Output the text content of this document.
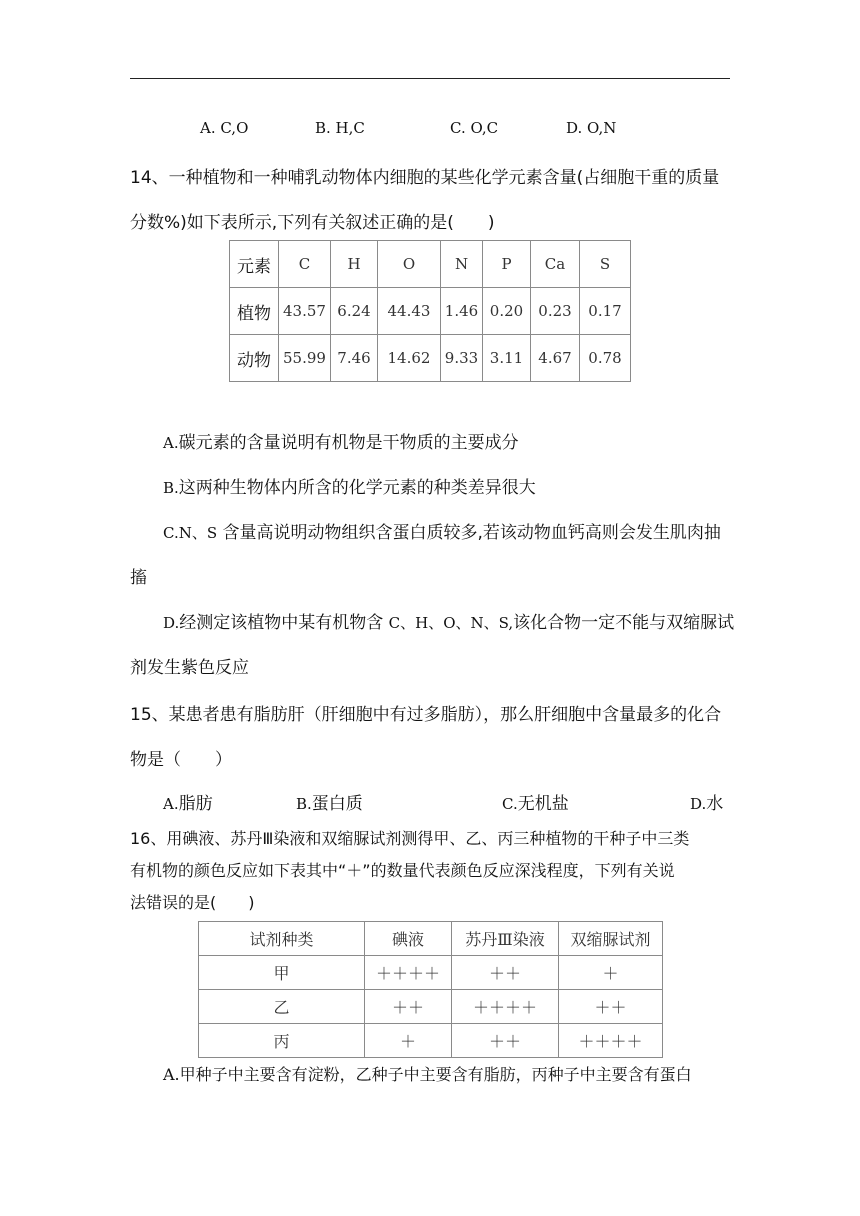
A. C,O	B. H,C	C. O,C	D. O,N
14、一种植物和一种哺乳动物体内细胞的某些化学元素含量(占细胞干重的质量
分数%)如下表所示,下列有关叙述正确的是(　　)
元素	C	H	O	N	P	Ca	S
植物	43.57	6.24	44.43	1.46	0.20	0.23	0.17
动物	55.99	7.46	14.62	9.33	3.11	4.67	0.78
A.碳元素的含量说明有机物是干物质的主要成分
B.这两种生物体内所含的化学元素的种类差异很大
C.N、S 含量高说明动物组织含蛋白质较多,若该动物血钙高则会发生肌肉抽
搐
D.经测定该植物中某有机物含 C、H、O、N、S,该化合物一定不能与双缩脲试
剂发生紫色反应
15、某患者患有脂肪肝（肝细胞中有过多脂肪），那么肝细胞中含量最多的化合
物是（　　）
A.脂肪	B.蛋白质	C.无机盐	D.水
16、用碘液、苏丹Ⅲ染液和双缩脲试剂测得甲、乙、丙三种植物的干种子中三类
有机物的颜色反应如下表其中“＋”的数量代表颜色反应深浅程度，下列有关说
法错误的是(　　)
试剂种类	碘液	苏丹Ⅲ染液	双缩脲试剂
甲	＋＋＋＋	＋＋	＋
乙	＋＋	＋＋＋＋	＋＋
丙	＋	＋＋	＋＋＋＋
A.甲种子中主要含有淀粉，乙种子中主要含有脂肪，丙种子中主要含有蛋白
